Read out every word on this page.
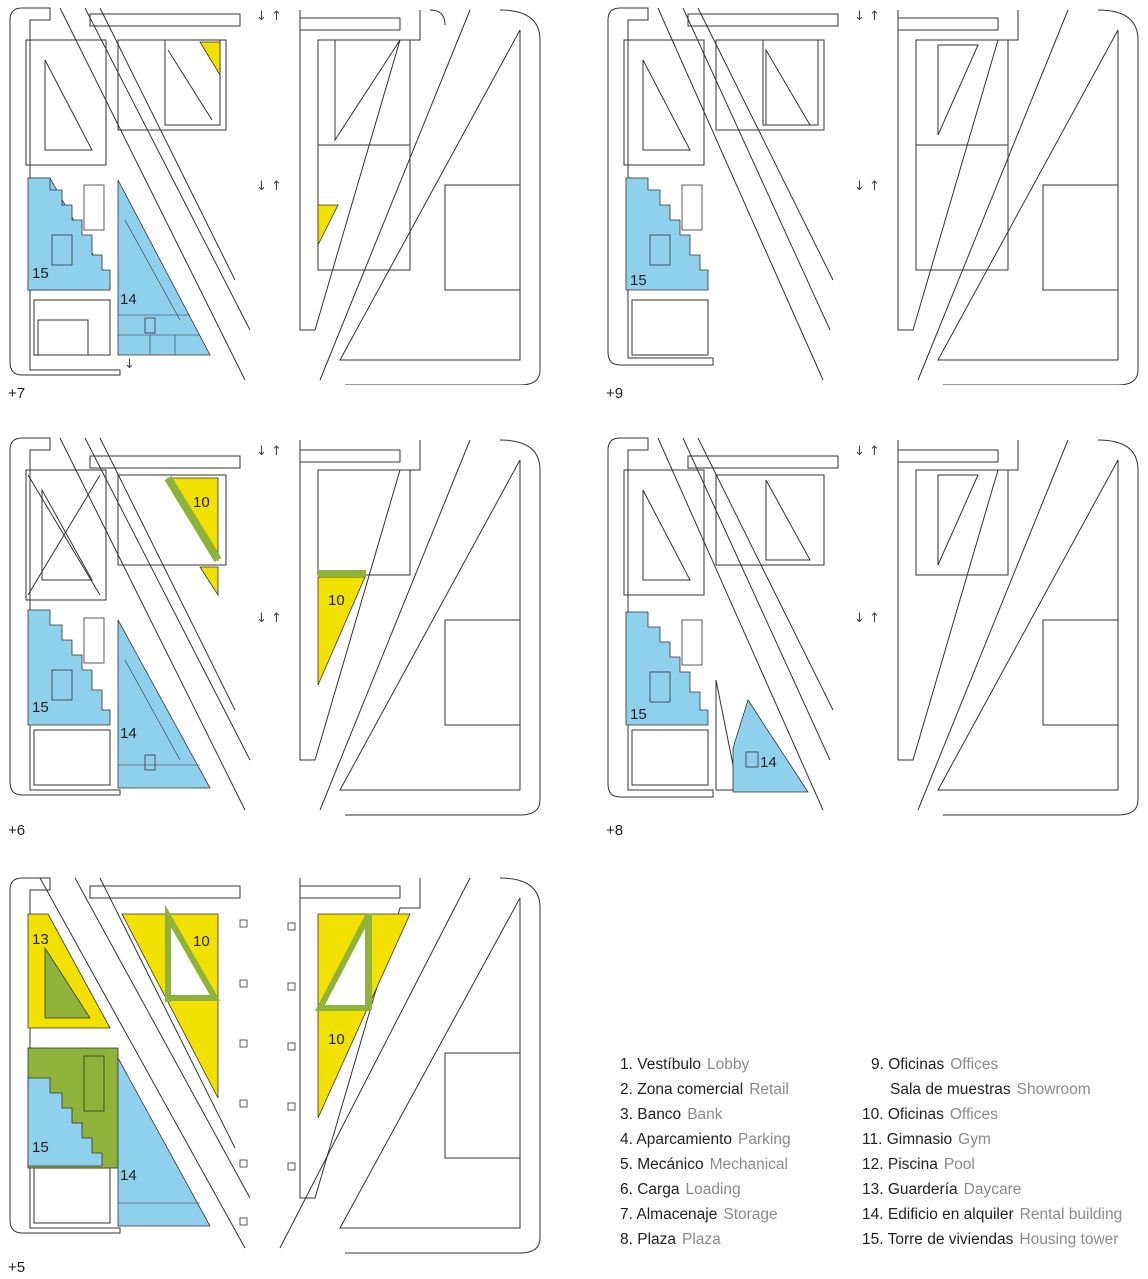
15
14
↓ ↑
↓ ↑
↓
+7
15
↓ ↑
↓ ↑
+9
10
10
15
14
↓ ↑
↓ ↑
+6
15
14
↓ ↑
↓ ↑
+8
13	10
10
15
14
+5
1. Vestíbulo Lobby
2. Zona comercial Retail
3. Banco Bank
4. Aparcamiento Parking
5. Mecánico Mechanical
6. Carga Loading
7. Almacenaje Storage
8. Plaza Plaza
9. Oficinas Offices
Sala de muestras Showroom
10. Oficinas Offices
11. Gimnasio Gym
12. Piscina Pool
13. Guardería Daycare
14. Edificio en alquiler Rental building
15. Torre de viviendas Housing tower
